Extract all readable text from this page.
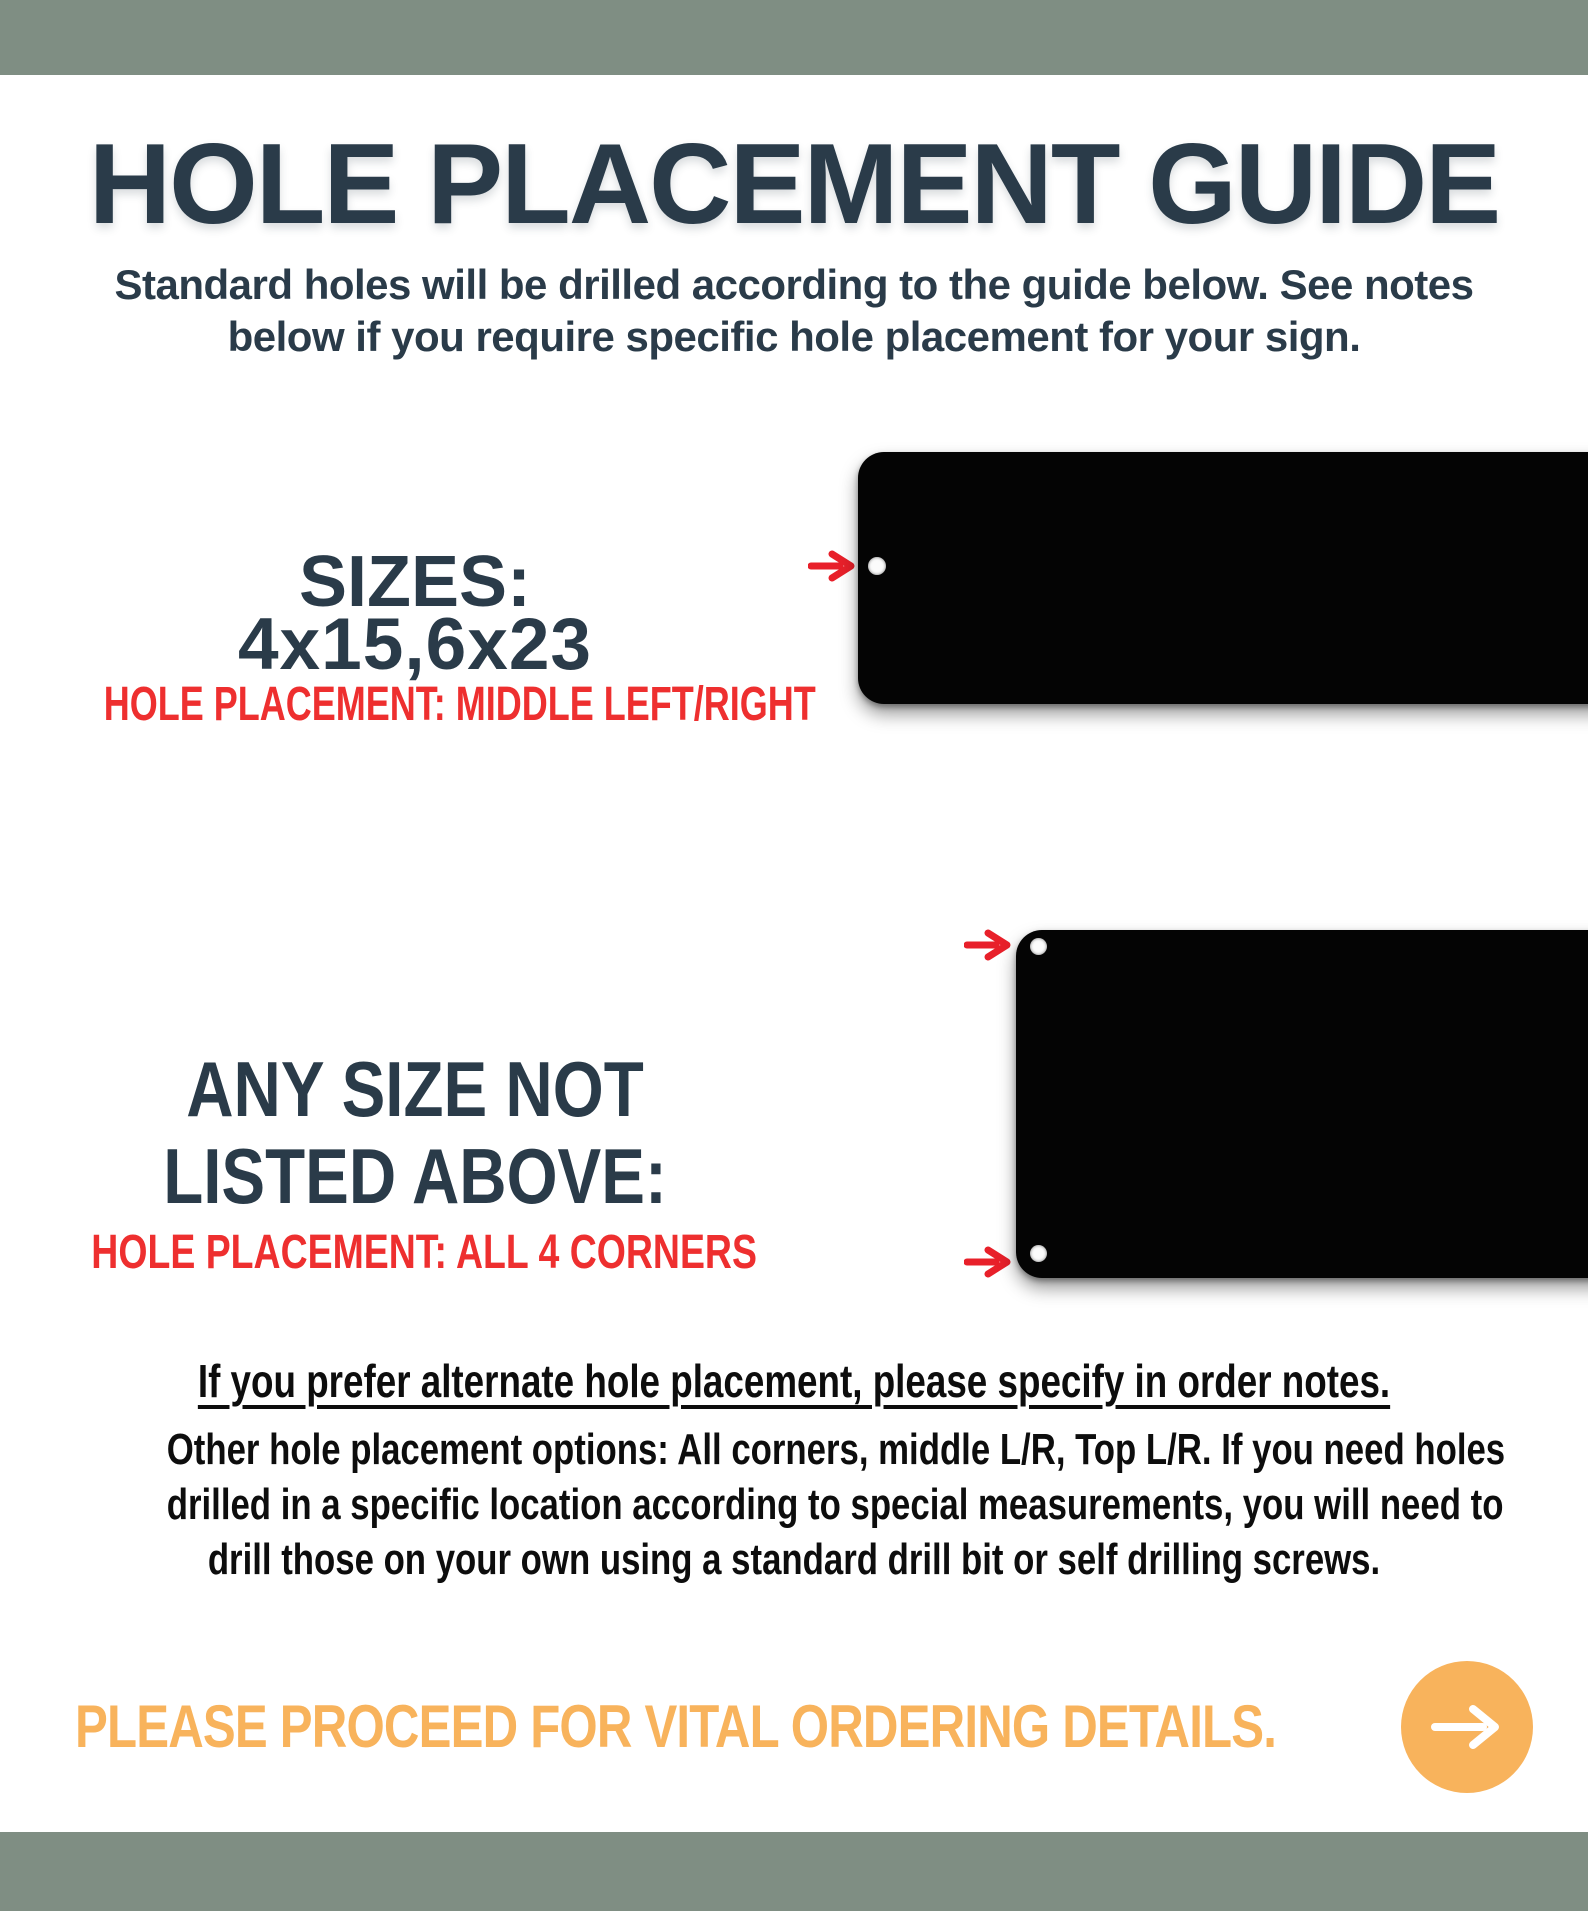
HOLE PLACEMENT GUIDE
Standard holes will be drilled according to the guide below. See notes
below if you require specific hole placement for your sign.
SIZES:
4x15,6x23
HOLE PLACEMENT: MIDDLE LEFT/RIGHT
ANY SIZE NOT
LISTED ABOVE:
HOLE PLACEMENT: ALL 4 CORNERS
If you prefer alternate hole placement, please specify in order notes.
Other hole placement options: All corners, middle L/R, Top L/R. If you need holes
drilled in a specific location according to special measurements, you will need to
drill those on your own using a standard drill bit or self drilling screws.
PLEASE PROCEED FOR VITAL ORDERING DETAILS.
